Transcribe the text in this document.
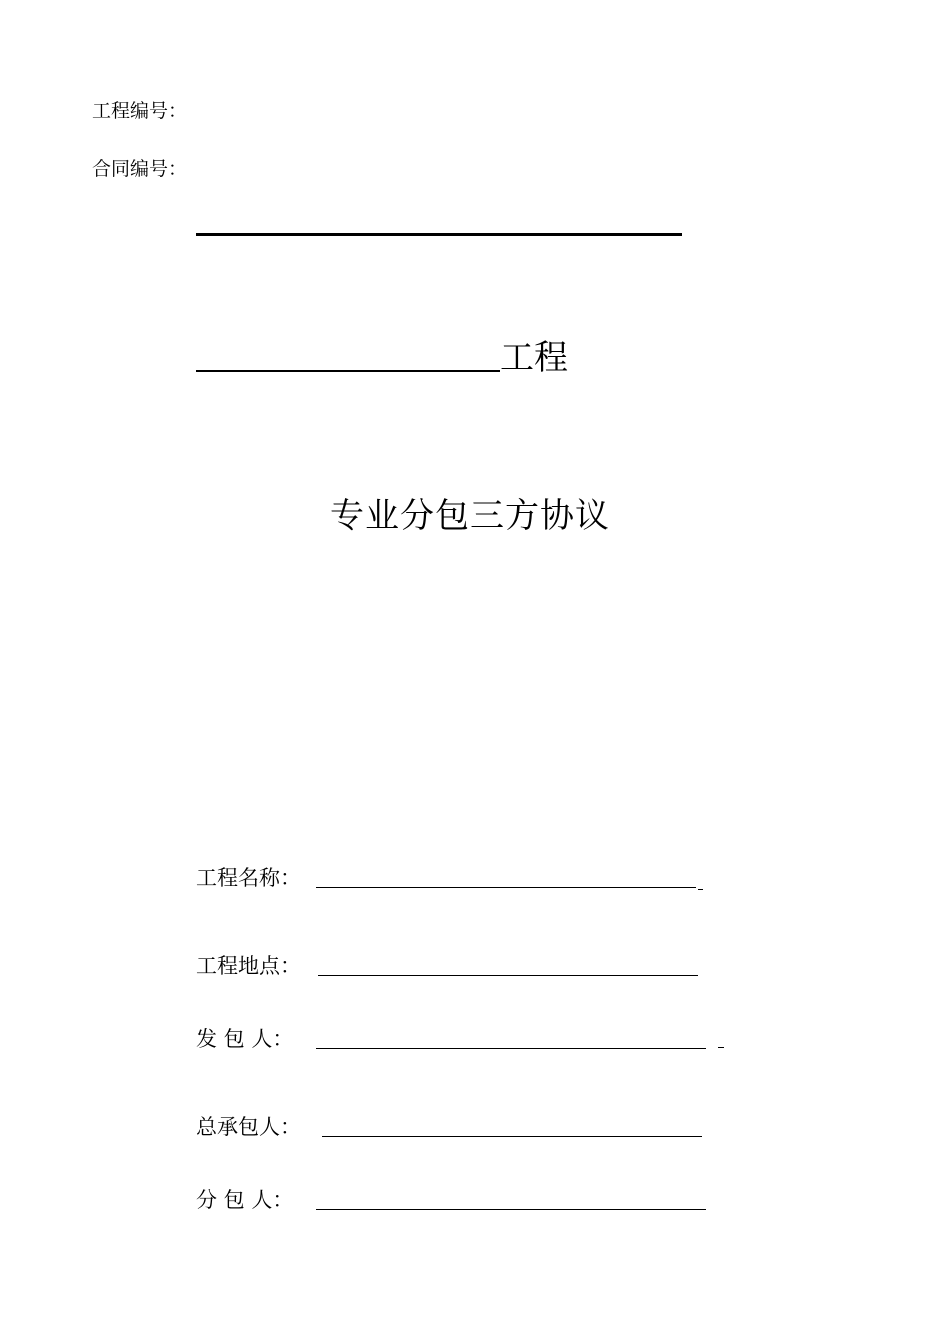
工程编号：
合同编号：
工程
专业分包三方协议
工程名称：
工程地点：
发 包 人：
总承包人：
分 包 人：
